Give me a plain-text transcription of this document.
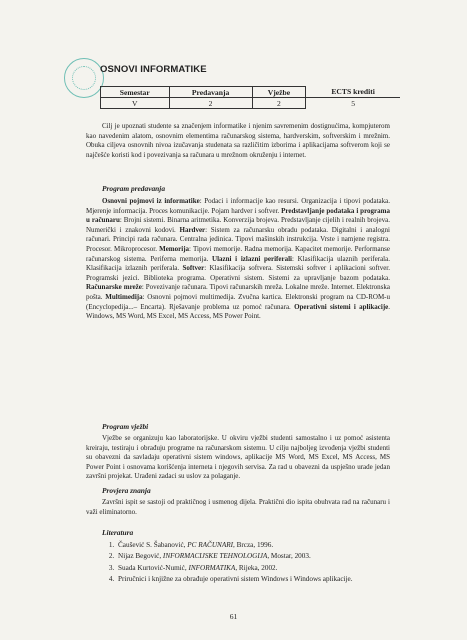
OSNOVI INFORMATIKE
Semestar	Predavanja	Vježbe	ECTS krediti
V	2	2	5
Cilj je upoznati studente sa značenjem informatike i njenim savremenim dostignućima, kompjuterom kao navedenim alatom, osnovnim elementima računarskog sistema, hardverskim, softverskim i mrežnim. Obuka ciljeva osnovnih nivoa izučavanja studenata sa različitim izborima i aplikacijama softverom koji se najčešće koristi kod i povezivanja sa računara u mrežnom okruženju i internet.
Program predavanja
Osnovni pojmovi iz informatike: Podaci i informacije kao resursi. Organizacija i tipovi podataka. Mjerenje informacija. Proces komunikacije. Pojam hardver i softver. Predstavljanje podataka i programa u računaru: Brojni sistemi. Binarna aritmetika. Konverzija brojeva. Predstavljanje cijelih i realnih brojeva. Numerički i znakovni kodovi. Hardver: Sistem za računarsku obradu podataka. Digitalni i analogni računari. Principi rada računara. Centralna jedinica. Tipovi mašinskih instrukcija. Vrste i namjene registra. Procesor. Mikroprocesor. Memorija: Tipovi memorije. Radna memorija. Kapacitet memorije. Performanse računarskog sistema. Periferna memorija. Ulazni i izlazni periferali: Klasifikacija ulaznih periferala. Klasifikacija izlaznih periferala. Softver: Klasifikacija softvera. Sistemski softver i aplikacioni softver. Programski jezici. Biblioteka programa. Operativni sistem. Sistemi za upravljanje bazom podataka. Računarske mreže: Povezivanje računara. Tipovi računarskih mreža. Lokalne mreže. Internet. Elektronska pošta. Multimedija: Osnovni pojmovi multimedija. Zvučna kartica. Elektronski program na CD-ROM-u (Encyclopedija...– Encarta). Rješavanje problema uz pomoć računara. Operativni sistemi i aplikacije. Windows, MS Word, MS Excel, MS Access, MS Power Point.
Program vježbi
Vježbe se organizuju kao laboratorijske. U okviru vježbi studenti samostalno i uz pomoć asistenta kreiraju, testiraju i obrađuju programe na računarskom sistemu. U cilju najboljeg izvođenja vježbi studenti su obavezni da savladaju operativni sistem windows, aplikacije MS Word, MS Excel, MS Access, MS Power Point i osnovama korišćenja interneta i njegovih servisa. Za rad u obavezni da uspješno urade jedan završni projekat. Urađeni zadaci su uslov za polaganje.
Provjera znanja
Završni ispit se sastoji od praktičnog i usmenog dijela. Praktični dio ispita obuhvata rad na računaru i važi eliminatorno.
Literatura
1. Čaušević S. Šabanović, PC RAČUNARI, Brcza, 1996.
2. Nijaz Begović, INFORMACIJSKE TEHNOLOGIJA, Mostar, 2003.
3. Suada Kurtović-Numić, INFORMATIKA, Rijeka, 2002.
4. Priručnici i knjižne za obrađuje operativni sistem Windows i Windows aplikacije.
61
